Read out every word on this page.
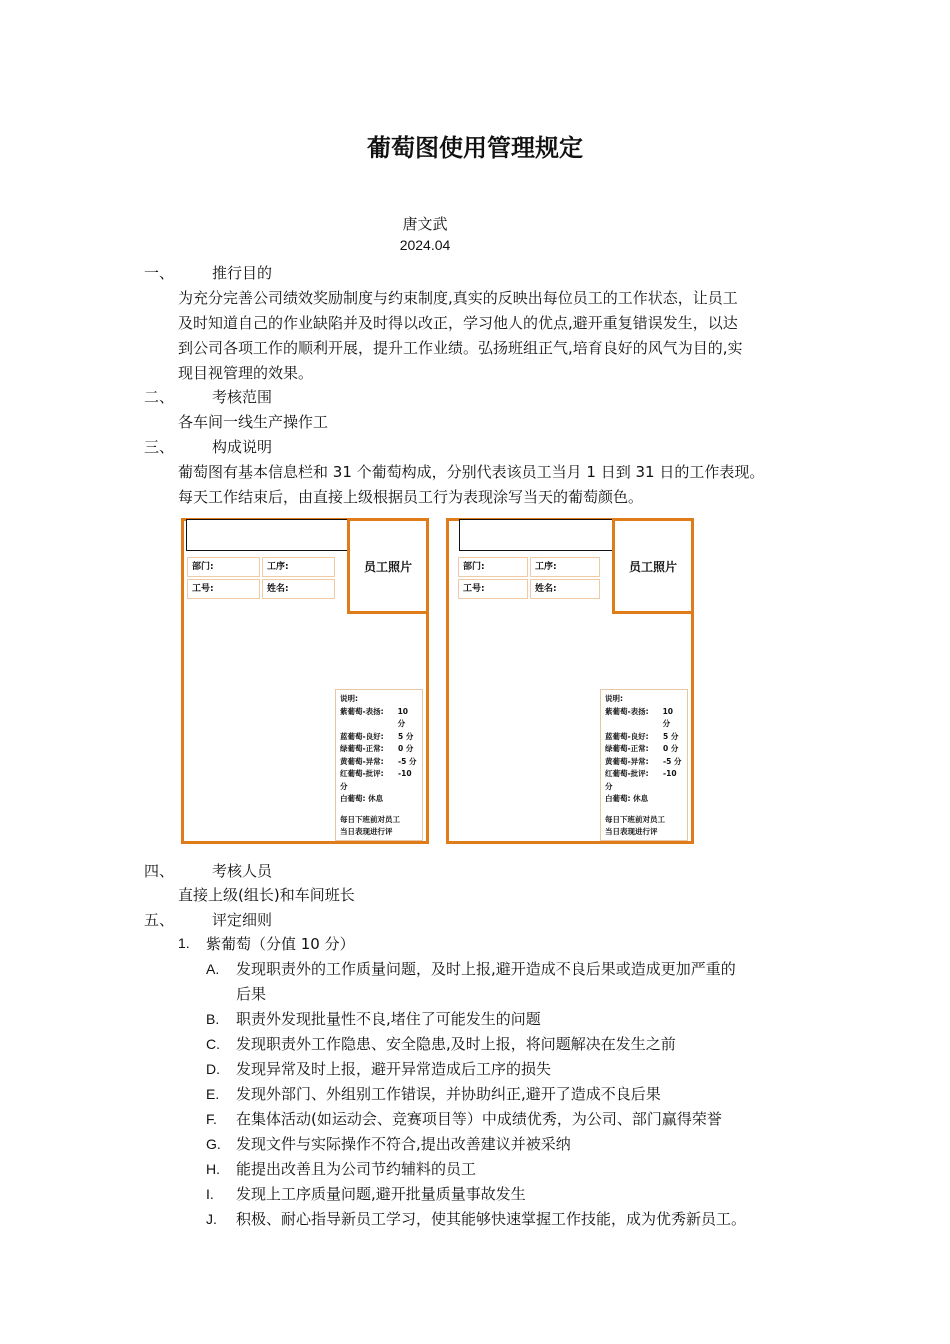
葡萄图使用管理规定
唐文武
2024.04
一、	推行目的
为充分完善公司绩效奖励制度与约束制度,真实的反映出每位员工的工作状态，让员工
及时知道自己的作业缺陷并及时得以改正，学习他人的优点,避开重复错误发生，以达
到公司各项工作的顺利开展，提升工作业绩。弘扬班组正气,培育良好的风气为目的,实
现目视管理的效果。
二、	考核范围
各车间一线生产操作工
三、	构成说明
葡萄图有基本信息栏和 31 个葡萄构成，分别代表该员工当月 1 日到 31 日的工作表现。
每天工作结束后，由直接上级根据员工行为表现涂写当天的葡萄颜色。
员工照片
部门:	工序:
工号:	姓名:
说明:
紫葡萄-表扬:	10 分
蓝葡萄-良好:	5 分
绿葡萄-正常:	0 分
黄葡萄-异常:	-5 分
红葡萄-批评:	-10
分
白葡萄: 休息
每日下班前对员工
当日表现进行评
员工照片
部门:	工序:
工号:	姓名:
说明:
紫葡萄-表扬:	10 分
蓝葡萄-良好:	5 分
绿葡萄-正常:	0 分
黄葡萄-异常:	-5 分
红葡萄-批评:	-10
分
白葡萄: 休息
每日下班前对员工
当日表现进行评
四、	考核人员
直接上级(组长)和车间班长
五、	评定细则
1. 紫葡萄（分值 10 分）
A. 发现职责外的工作质量问题，及时上报,避开造成不良后果或造成更加严重的
后果
B. 职责外发现批量性不良,堵住了可能发生的问题
C. 发现职责外工作隐患、安全隐患,及时上报，将问题解决在发生之前
D. 发现异常及时上报，避开异常造成后工序的损失
E. 发现外部门、外组别工作错误，并协助纠正,避开了造成不良后果
F. 在集体活动(如运动会、竞赛项目等）中成绩优秀，为公司、部门赢得荣誉
G. 发现文件与实际操作不符合,提出改善建议并被采纳
H. 能提出改善且为公司节约辅料的员工
I. 发现上工序质量问题,避开批量质量事故发生
J. 积极、耐心指导新员工学习，使其能够快速掌握工作技能，成为优秀新员工。
